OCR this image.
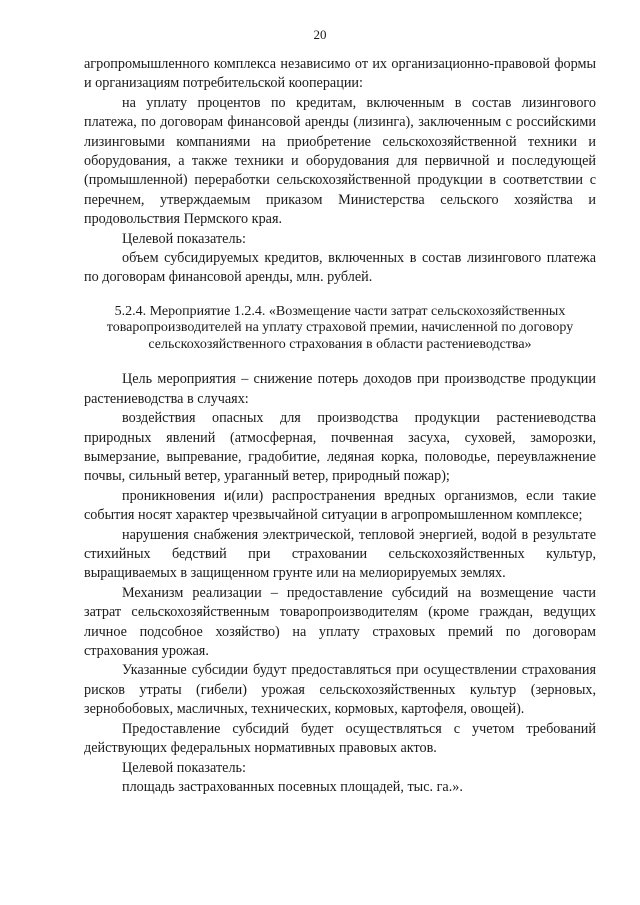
20

агропромышленного комплекса независимо от их организационно-правовой формы и организациям потребительской кооперации:

на уплату процентов по кредитам, включенным в состав лизингового платежа, по договорам финансовой аренды (лизинга), заключенным с российскими лизинговыми компаниями на приобретение сельскохозяйственной техники и оборудования, а также техники и оборудования для первичной и последующей (промышленной) переработки сельскохозяйственной продукции в соответствии с перечнем, утверждаемым приказом Министерства сельского хозяйства и продовольствия Пермского края.

Целевой показатель:

объем субсидируемых кредитов, включенных в состав лизингового платежа по договорам финансовой аренды, млн. рублей.

5.2.4. Мероприятие 1.2.4. «Возмещение части затрат сельскохозяйственных товаропроизводителей на уплату страховой премии, начисленной по договору сельскохозяйственного страхования в области растениеводства»

Цель мероприятия – снижение потерь доходов при производстве продукции растениеводства в случаях:

воздействия опасных для производства продукции растениеводства природных явлений (атмосферная, почвенная засуха, суховей, заморозки, вымерзание, выпревание, градобитие, ледяная корка, половодье, переувлажнение почвы, сильный ветер, ураганный ветер, природный пожар);

проникновения и(или) распространения вредных организмов, если такие события носят характер чрезвычайной ситуации в агропромышленном комплексе;

нарушения снабжения электрической, тепловой энергией, водой в результате стихийных бедствий при страховании сельскохозяйственных культур, выращиваемых в защищенном грунте или на мелиорируемых землях.

Механизм реализации – предоставление субсидий на возмещение части затрат сельскохозяйственным товаропроизводителям (кроме граждан, ведущих личное подсобное хозяйство) на уплату страховых премий по договорам страхования урожая.

Указанные субсидии будут предоставляться при осуществлении страхования рисков утраты (гибели) урожая сельскохозяйственных культур (зерновых, зернобобовых, масличных, технических, кормовых, картофеля, овощей).

Предоставление субсидий будет осуществляться с учетом требований действующих федеральных нормативных правовых актов.

Целевой показатель:

площадь застрахованных посевных площадей, тыс. га.».
